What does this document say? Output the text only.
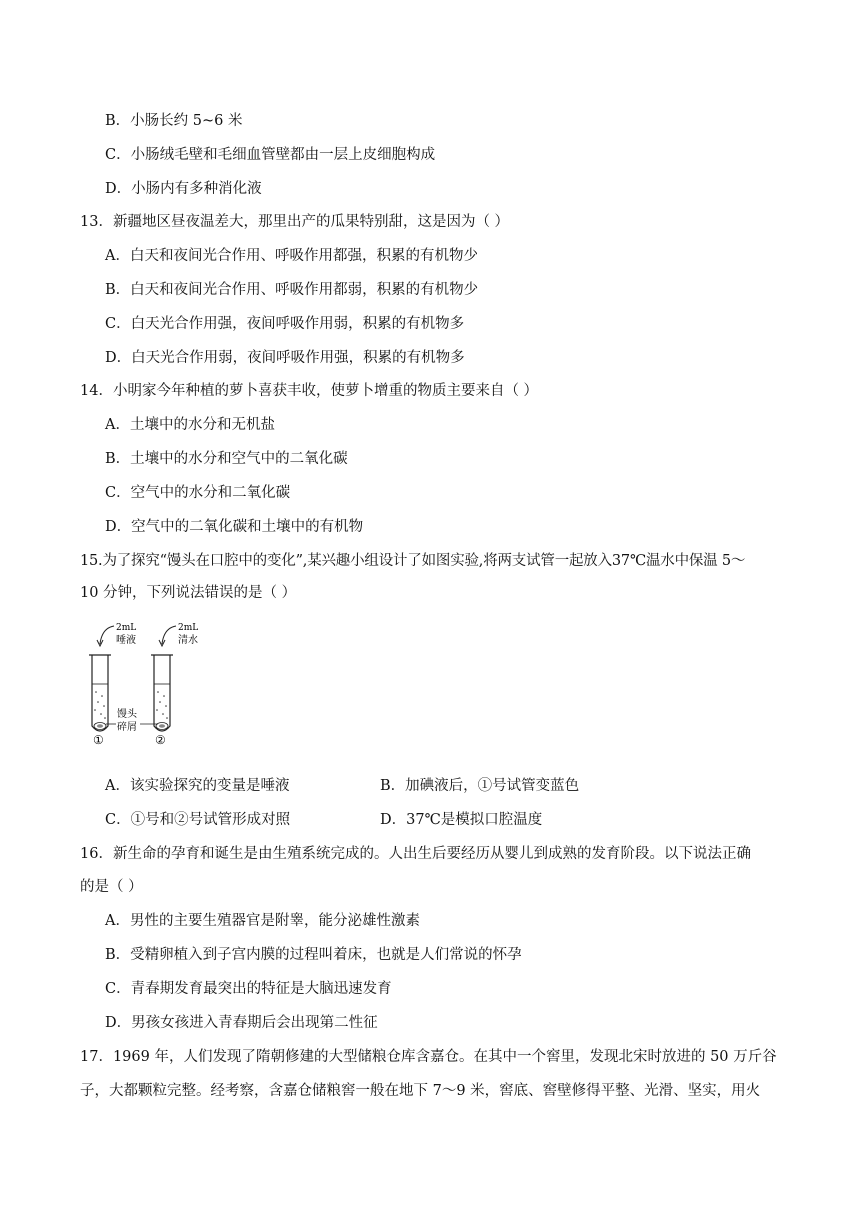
B．小肠长约 5~6 米
C．小肠绒毛壁和毛细血管壁都由一层上皮细胞构成
D．小肠内有多种消化液
13．新疆地区昼夜温差大，那里出产的瓜果特别甜，这是因为（ ）
A．白天和夜间光合作用、呼吸作用都强，积累的有机物少
B．白天和夜间光合作用、呼吸作用都弱，积累的有机物少
C．白天光合作用强，夜间呼吸作用弱，积累的有机物多
D．白天光合作用弱，夜间呼吸作用强，积累的有机物多
14．小明家今年种植的萝卜喜获丰收，使萝卜增重的物质主要来自（ ）
A．土壤中的水分和无机盐
B．土壤中的水分和空气中的二氧化碳
C．空气中的水分和二氧化碳
D．空气中的二氧化碳和土壤中的有机物
15.为了探究“馒头在口腔中的变化”,某兴趣小组设计了如图实验,将两支试管一起放入37℃温水中保温 5～
10 分钟，下列说法错误的是（ ）
2mL
唾液
2mL
清水
馒头
碎屑
①	②
A．该实验探究的变量是唾液	B．加碘液后，①号试管变蓝色
C．①号和②号试管形成对照	D．37℃是模拟口腔温度
16．新生命的孕育和诞生是由生殖系统完成的。人出生后要经历从婴儿到成熟的发育阶段。以下说法正确
的是（ ）
A．男性的主要生殖器官是附睾，能分泌雄性激素
B．受精卵植入到子宫内膜的过程叫着床，也就是人们常说的怀孕
C．青春期发育最突出的特征是大脑迅速发育
D．男孩女孩进入青春期后会出现第二性征
17．1969 年，人们发现了隋朝修建的大型储粮仓库含嘉仓。在其中一个窖里，发现北宋时放进的 50 万斤谷
子，大都颗粒完整。经考察，含嘉仓储粮窖一般在地下 7～9 米，窖底、窖壁修得平整、光滑、坚实，用火
